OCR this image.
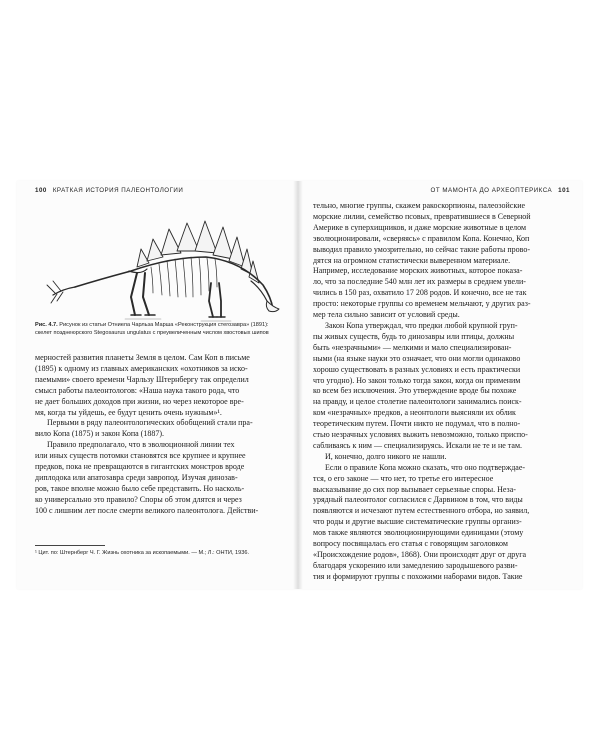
100 КРАТКАЯ ИСТОРИЯ ПАЛЕОНТОЛОГИИ
Рис. 4.7. Рисунок из статьи Отниела Чарльза Марша «Реконструкция стегозавра» (1891): скелет позднеюрского Stegosaurus ungulatus с преувеличенным числом хвостовых шипов
мерностей развития планеты Земля в целом. Сам Коп в письме
(1895) к одному из главных американских «охотников за иско-
паемыми» своего времени Чарльзу Штернбергу так определил
смысл работы палеонтологов: «Наша наука такого рода, что
не дает больших доходов при жизни, но через некоторое вре-
мя, когда ты уйдешь, ее будут ценить очень нужным»¹.
Первыми в ряду палеонтологических обобщений стали пра-
вило Копа (1875) и закон Копа (1887).
Правило предполагало, что в эволюционной линии тех
или иных существ потомки становятся все крупнее и крупнее
предков, пока не превращаются в гигантских монстров вроде
диплодока или апатозавра среди завропод. Изучая динозав-
ров, такое вполне можно было себе представить. Но насколь-
ко универсально это правило? Споры об этом длятся и через
100 с лишним лет после смерти великого палеонтолога. Действи-
¹ Цит. по: Штернберг Ч. Г. Жизнь охотника за ископаемыми. — М.; Л.: ОНТИ, 1936.
ОТ МАМОНТА ДО АРХЕОПТЕРИКСА 101
тельно, многие группы, скажем ракоскорпионы, палеозойские
морские лилии, семейство псовых, превратившиеся в Северной
Америке в суперхищников, и даже морские животные в целом
эволюционировали, «сверяясь» с правилом Копа. Конечно, Коп
выводил правило умозрительно, но сейчас такие работы прово-
дятся на огромном статистически выверенном материале.
Например, исследование морских животных, которое показа-
ло, что за последние 540 млн лет их размеры в среднем увели-
чились в 150 раз, охватило 17 208 родов. И конечно, все не так
просто: некоторые группы со временем мельчают, у других раз-
мер тела сильно зависит от условий среды.
Закон Копа утверждал, что предки любой крупной груп-
пы живых существ, будь то динозавры или птицы, должны
быть «незрачными» — мелкими и мало специализирован-
ными (на языке науки это означает, что они могли одинаково
хорошо существовать в разных условиях и есть практически
что угодно). Но закон только тогда закон, когда он применим
ко всем без исключения. Это утверждение вроде бы похоже
на правду, и целое столетие палеонтологи занимались поиск-
ком «незрачных» предков, а неонтологи выясняли их облик
теоретическим путем. Почти никто не подумал, что в полно-
стью незрачных условиях выжить невозможно, только приспо-
сабливаясь к ним — специализируясь. Искали не те и не там.
И, конечно, долго никого не нашли.
Если о правиле Копа можно сказать, что оно подтверждае-
тся, о его законе — что нет, то третье его интересное
высказывание до сих пор вызывает серьезные споры. Неза-
урядный палеонтолог согласился с Дарвином в том, что виды
появляются и исчезают путем естественного отбора, но заявил,
что роды и другие высшие систематические группы организ-
мов также являются эволюционирующими единицами (этому
вопросу посвящалась его статья с говорящим заголовком
«Происхождение родов», 1868). Они происходят друг от друга
благодаря ускорению или замедлению зародышевого разви-
тия и формируют группы с похожими наборами видов. Такие
